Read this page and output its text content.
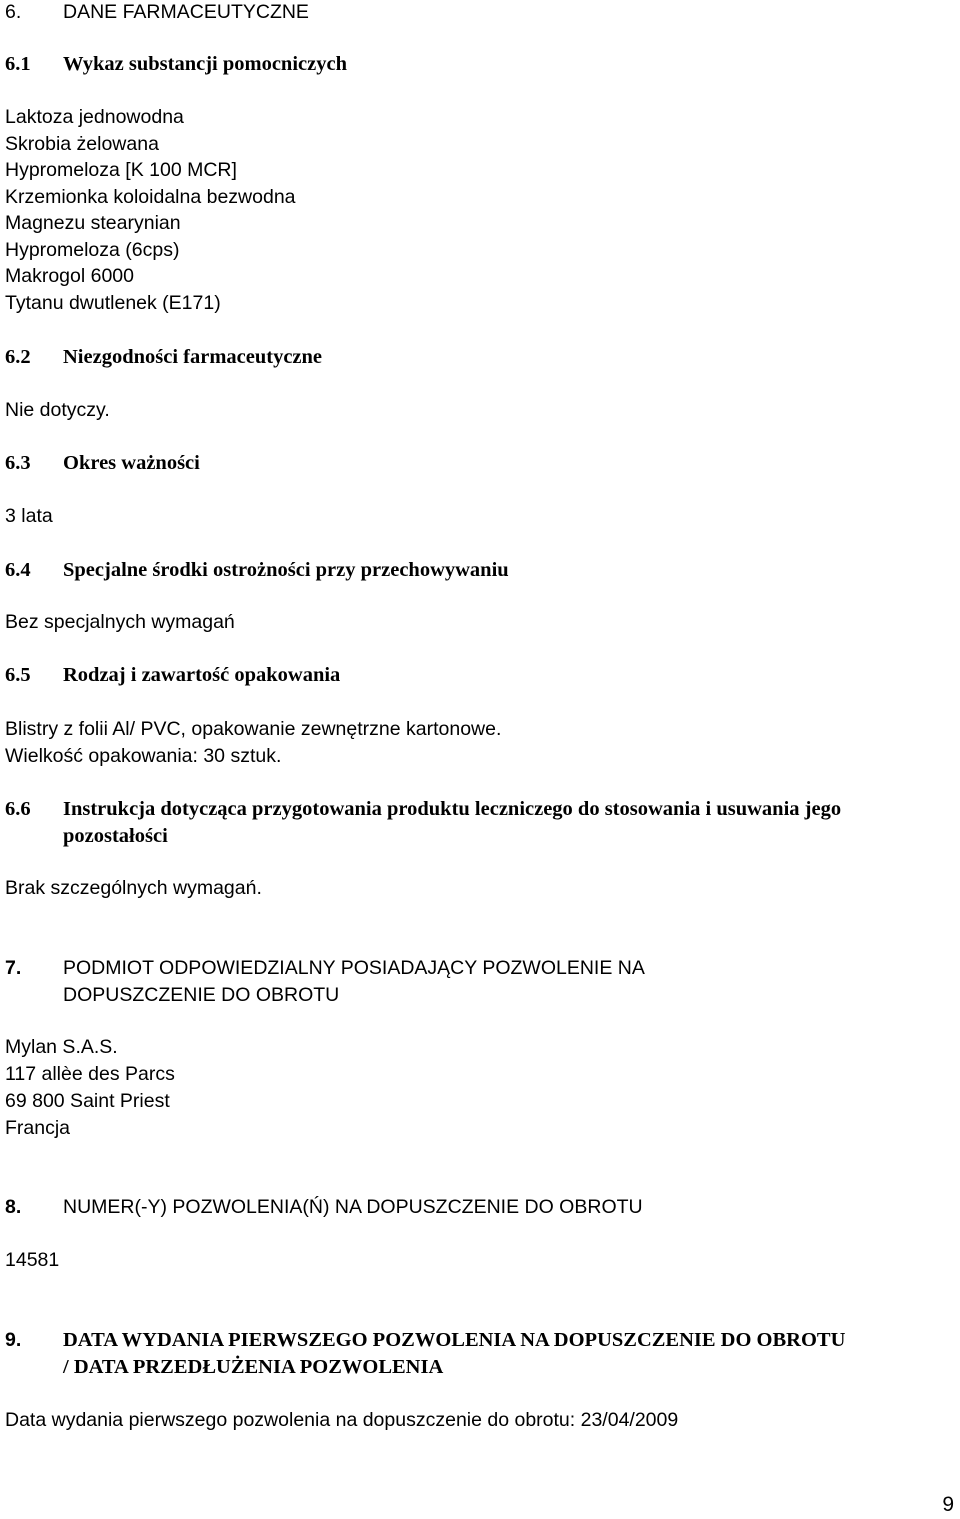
6. DANE FARMACEUTYCZNE
6.1 Wykaz substancji pomocniczych
Laktoza jednowodna
Skrobia żelowana
Hypromeloza [K 100 MCR]
Krzemionka koloidalna bezwodna
Magnezu stearynian
Hypromeloza (6cps)
Makrogol 6000
Tytanu dwutlenek (E171)
6.2 Niezgodności farmaceutyczne
Nie dotyczy.
6.3 Okres ważności
3 lata
6.4 Specjalne środki ostrożności przy przechowywaniu
Bez specjalnych wymagań
6.5 Rodzaj i zawartość opakowania
Blistry z folii Al/ PVC, opakowanie zewnętrzne kartonowe.
Wielkość opakowania: 30 sztuk.
6.6 Instrukcja dotycząca przygotowania produktu leczniczego do stosowania i usuwania jego
pozostałości
Brak szczególnych wymagań.
7. PODMIOT ODPOWIEDZIALNY POSIADAJĄCY POZWOLENIE NA
DOPUSZCZENIE DO OBROTU
Mylan S.A.S.
117 allèe des Parcs
69 800 Saint Priest
Francja
8. NUMER(-Y) POZWOLENIA(Ń) NA DOPUSZCZENIE DO OBROTU
14581
9. DATA WYDANIA PIERWSZEGO POZWOLENIA NA DOPUSZCZENIE DO OBROTU
/ DATA PRZEDŁUŻENIA POZWOLENIA
Data wydania pierwszego pozwolenia na dopuszczenie do obrotu: 23/04/2009
9
